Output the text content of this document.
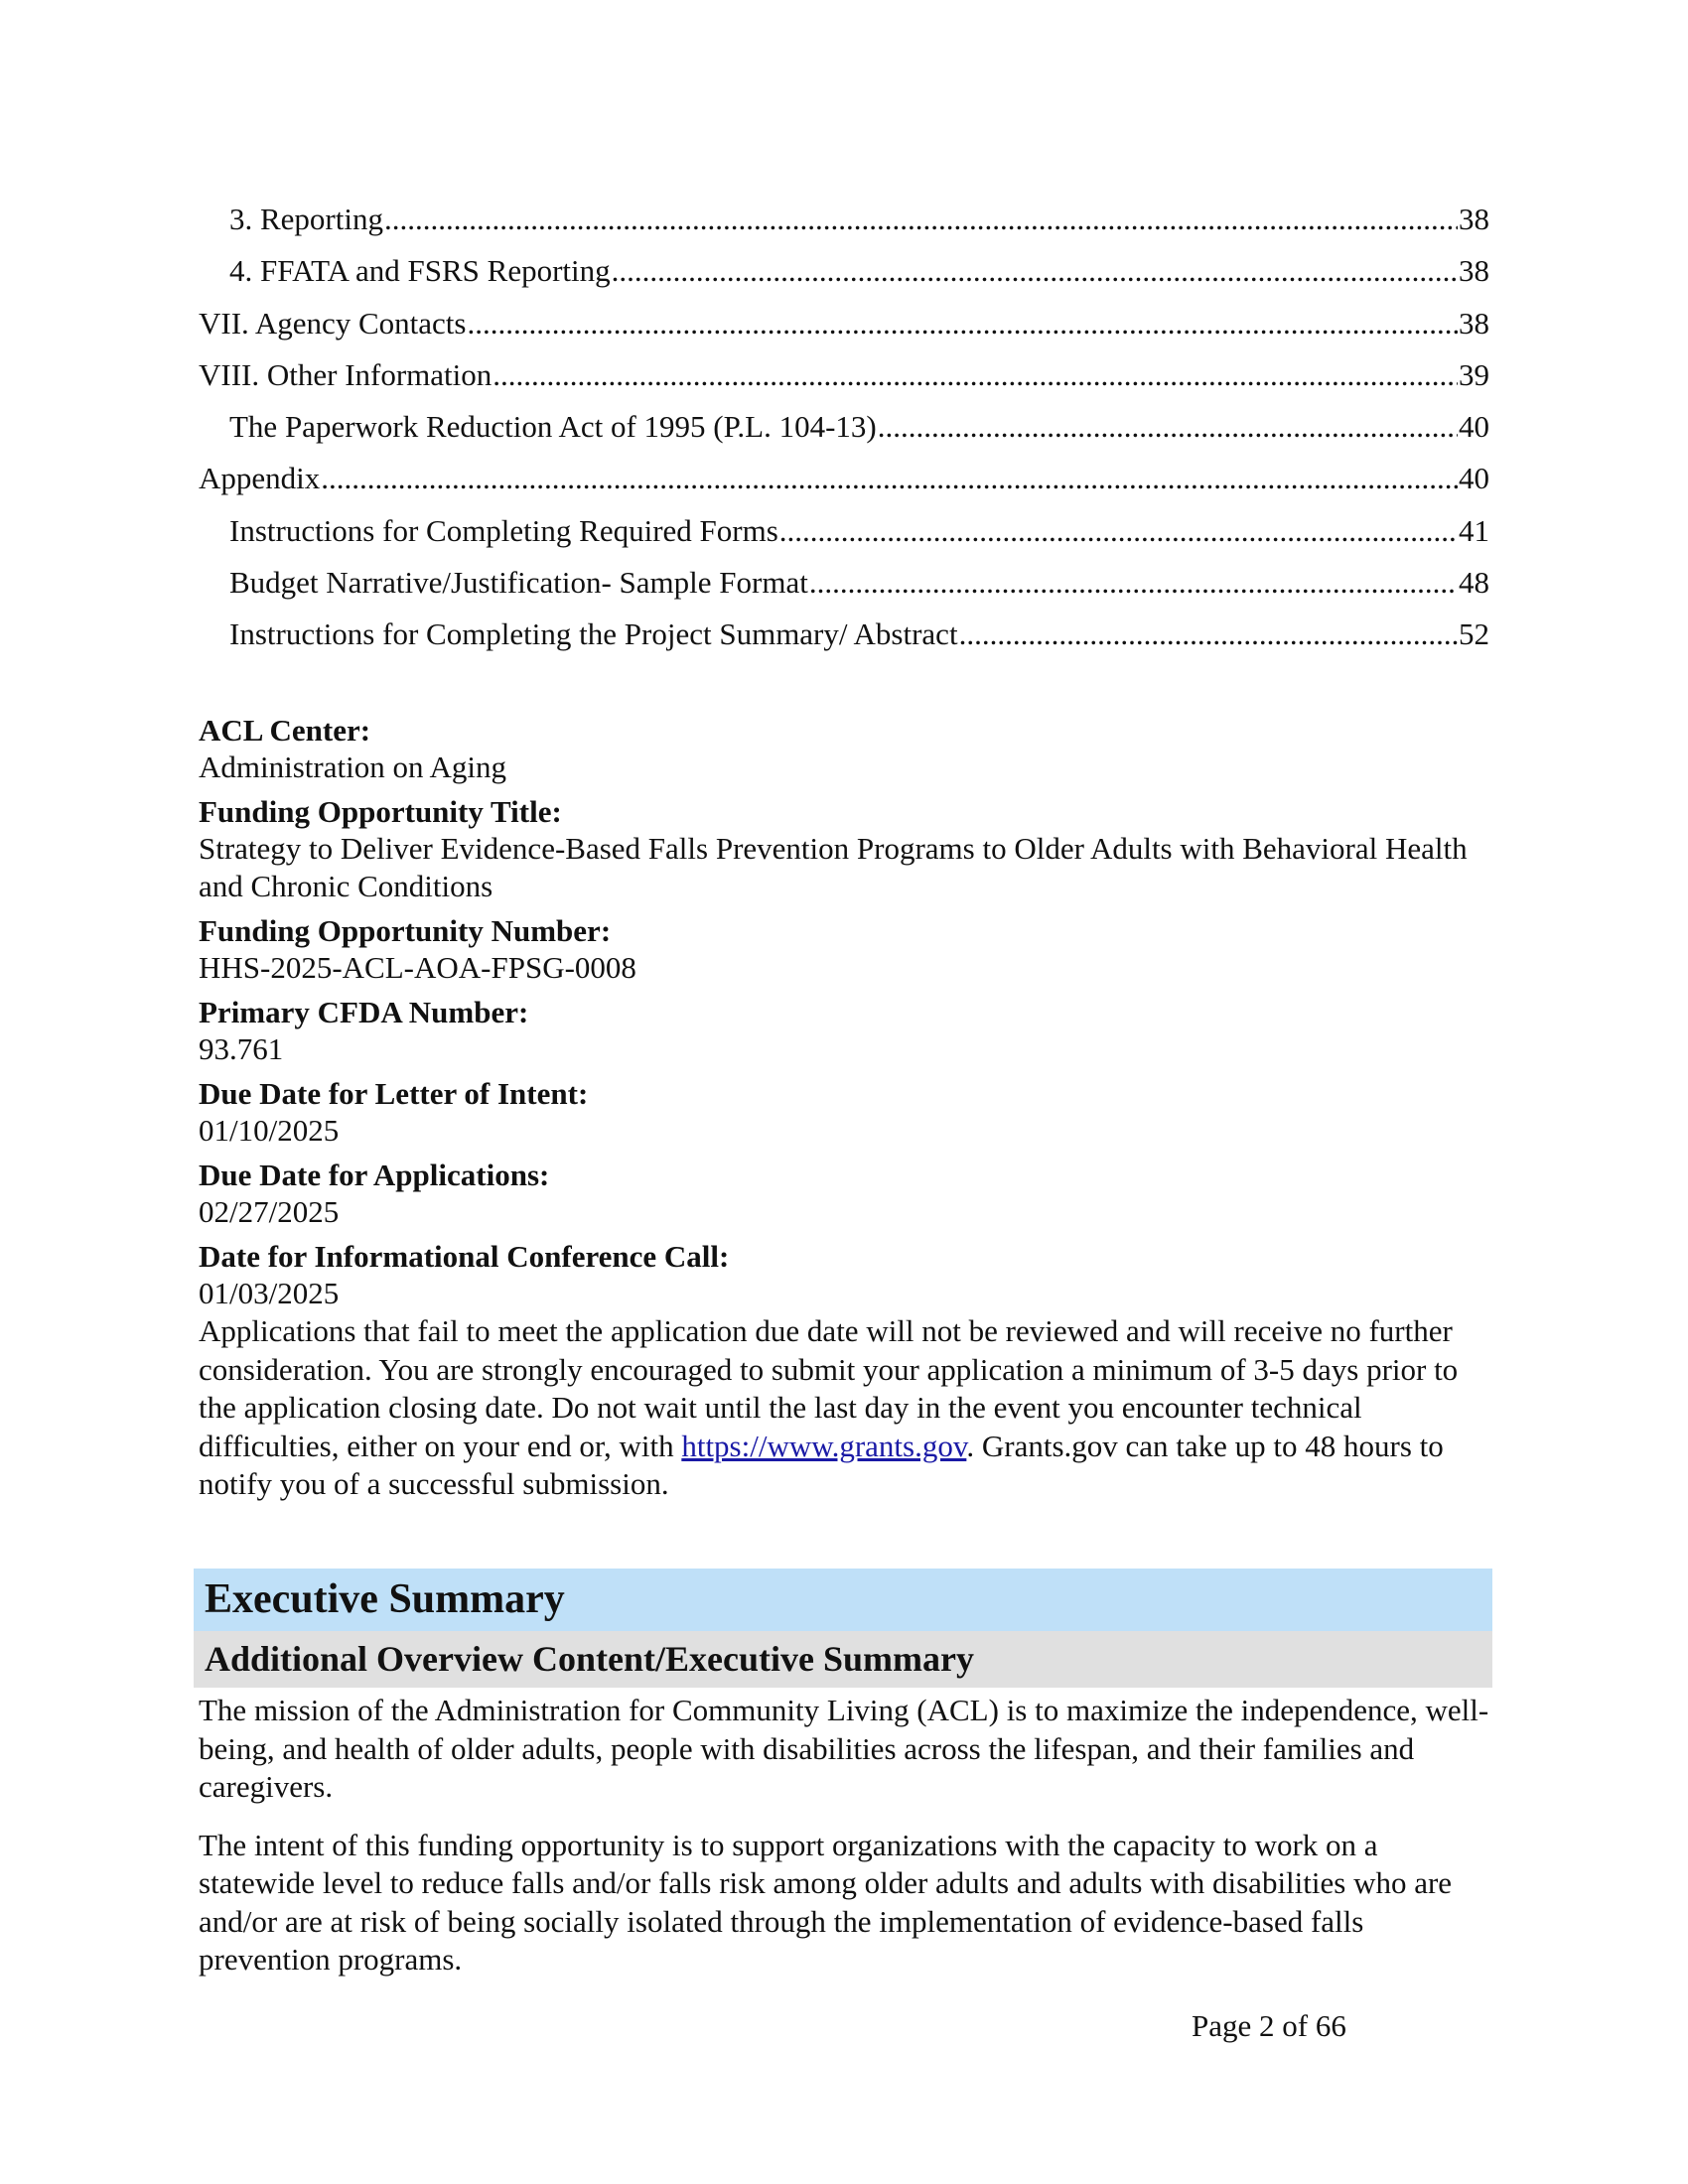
3. Reporting .....	38
4. FFATA and FSRS Reporting .....	38
VII. Agency Contacts .....	38
VIII. Other Information .....	39
The Paperwork Reduction Act of 1995 (P.L. 104-13) .....	40
Appendix .....	40
Instructions for Completing Required Forms .....	41
Budget Narrative/Justification- Sample Format .....	48
Instructions for Completing the Project Summary/ Abstract .....	52
ACL Center:
Administration on Aging
Funding Opportunity Title:
Strategy to Deliver Evidence-Based Falls Prevention Programs to Older Adults with Behavioral Health and Chronic Conditions
Funding Opportunity Number:
HHS-2025-ACL-AOA-FPSG-0008
Primary CFDA Number:
93.761
Due Date for Letter of Intent:
01/10/2025
Due Date for Applications:
02/27/2025
Date for Informational Conference Call:
01/03/2025

Applications that fail to meet the application due date will not be reviewed and will receive no further consideration. You are strongly encouraged to submit your application a minimum of 3-5 days prior to the application closing date. Do not wait until the last day in the event you encounter technical difficulties, either on your end or, with https://www.grants.gov. Grants.gov can take up to 48 hours to notify you of a successful submission.

Executive Summary
Additional Overview Content/Executive Summary

The mission of the Administration for Community Living (ACL) is to maximize the independence, well-being, and health of older adults, people with disabilities across the lifespan, and their families and caregivers.

The intent of this funding opportunity is to support organizations with the capacity to work on a statewide level to reduce falls and/or falls risk among older adults and adults with disabilities who are and/or are at risk of being socially isolated through the implementation of evidence-based falls prevention programs.

Page 2 of 66
